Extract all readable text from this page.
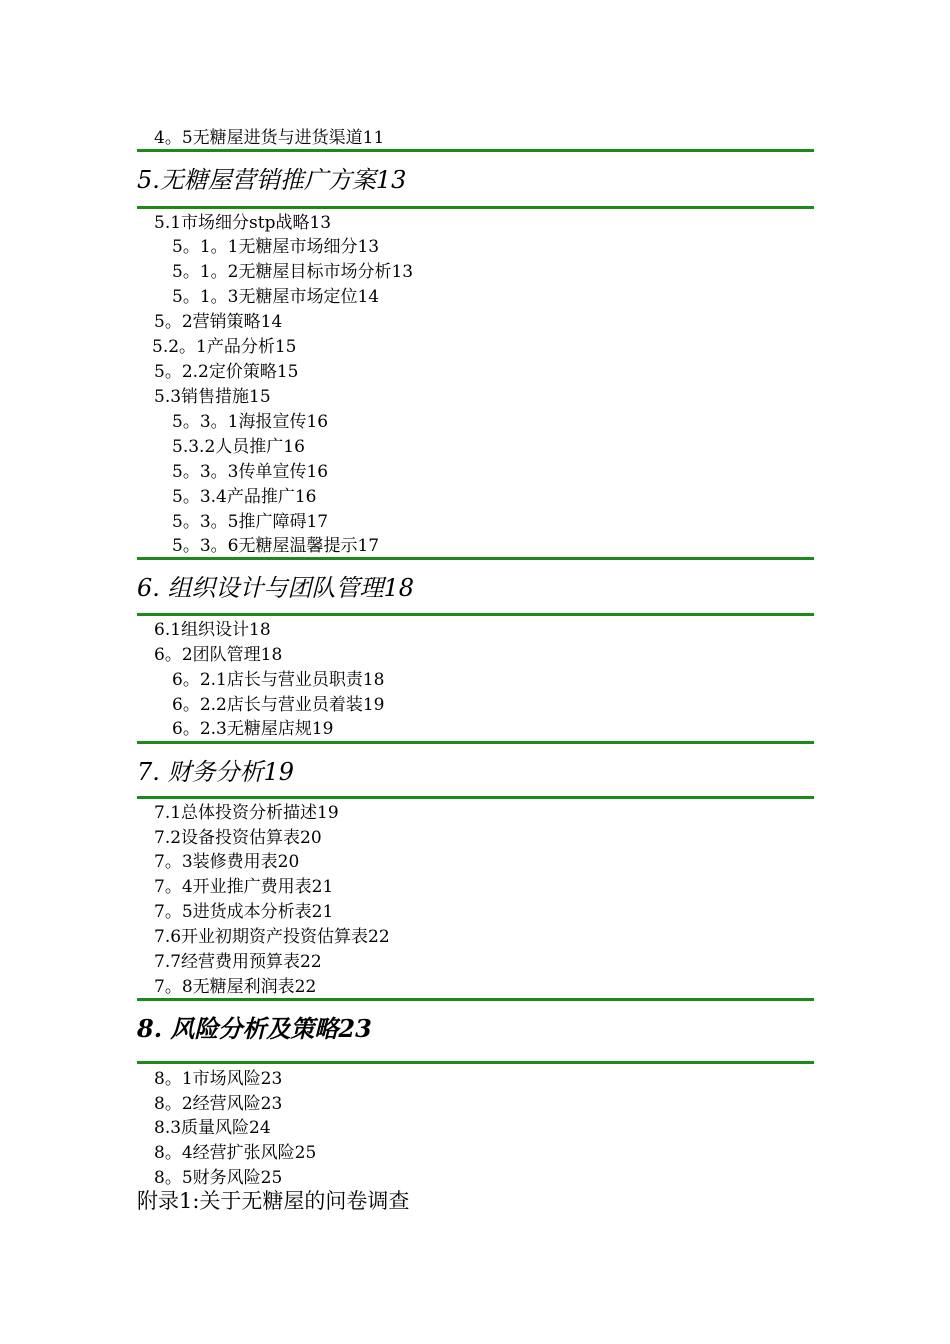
4。5无糖屋进货与进货渠道11
5.无糖屋营销推广方案13
5.1市场细分stp战略13
5。1。1无糖屋市场细分13
5。1。2无糖屋目标市场分析13
5。1。3无糖屋市场定位14
5。2营销策略14
5.2。1产品分析15
5。2.2定价策略15
5.3销售措施15
5。3。1海报宣传16
5.3.2人员推广16
5。3。3传单宣传16
5。3.4产品推广16
5。3。5推广障碍17
5。3。6无糖屋温馨提示17
6. 组织设计与团队管理18
6.1组织设计18
6。2团队管理18
6。2.1店长与营业员职责18
6。2.2店长与营业员着装19
6。2.3无糖屋店规19
7. 财务分析19
7.1总体投资分析描述19
7.2设备投资估算表20
7。3装修费用表20
7。4开业推广费用表21
7。5进货成本分析表21
7.6开业初期资产投资估算表22
7.7经营费用预算表22
7。8无糖屋利润表22
8. 风险分析及策略23
8。1市场风险23
8。2经营风险23
8.3质量风险24
8。4经营扩张风险25
8。5财务风险25
附录1:关于无糖屋的问卷调查
